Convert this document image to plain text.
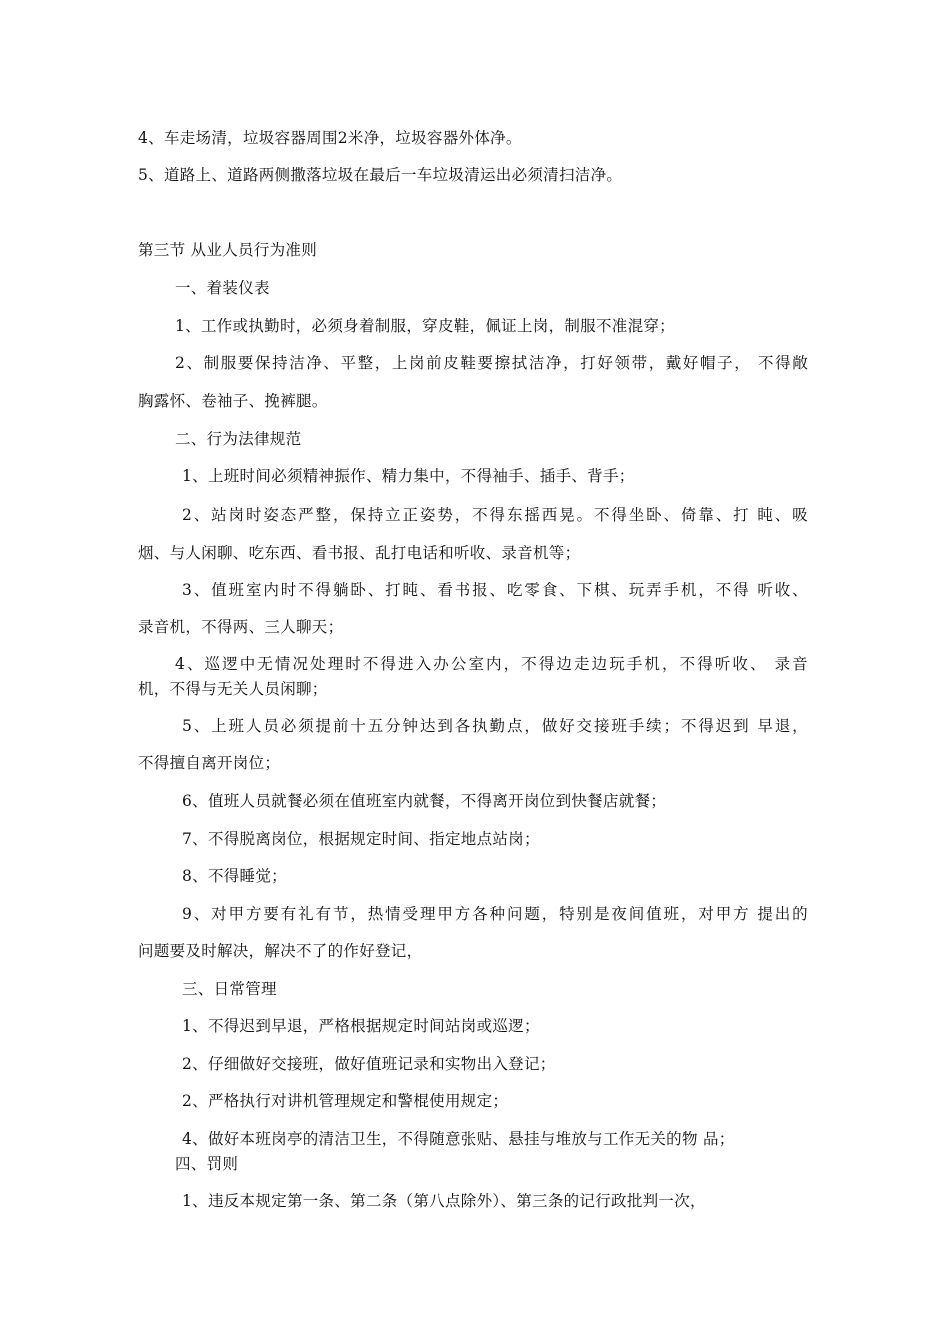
4、车走场清，垃圾容器周围2米净，垃圾容器外体净。
5、道路上、道路两侧撒落垃圾在最后一车垃圾清运出必须清扫洁净。
第三节 从业人员行为准则
一、着装仪表
1、工作或执勤时，必须身着制服，穿皮鞋，佩证上岗，制服不准混穿；
2、制服要保持洁净、平整，上岗前皮鞋要擦拭洁净，打好领带，戴好帽子， 不得敞
胸露怀、卷袖子、挽裤腿。
二、行为法律规范
1、上班时间必须精神振作、精力集中，不得袖手、插手、背手；
2、站岗时姿态严整，保持立正姿势，不得东摇西晃。不得坐卧、倚靠、打 盹、吸
烟、与人闲聊、吃东西、看书报、乱打电话和听收、录音机等；
3、值班室内时不得躺卧、打盹、看书报、吃零食、下棋、玩弄手机，不得 听收、
录音机，不得两、三人聊天；
4、巡逻中无情况处理时不得进入办公室内，不得边走边玩手机，不得听收、 录音
机，不得与无关人员闲聊；
5、上班人员必须提前十五分钟达到各执勤点，做好交接班手续；不得迟到 早退，
不得擅自离开岗位；
6、值班人员就餐必须在值班室内就餐，不得离开岗位到快餐店就餐；
7、不得脱离岗位，根据规定时间、指定地点站岗；
8、不得睡觉；
9、对甲方要有礼有节，热情受理甲方各种问题，特别是夜间值班，对甲方 提出的
问题要及时解决，解决不了的作好登记，
三、日常管理
1、不得迟到早退，严格根据规定时间站岗或巡逻；
2、仔细做好交接班，做好值班记录和实物出入登记；
2、严格执行对讲机管理规定和警棍使用规定；
4、做好本班岗亭的清洁卫生，不得随意张贴、悬挂与堆放与工作无关的物 品；
四、罚则
1、违反本规定第一条、第二条（第八点除外）、第三条的记行政批判一次，
